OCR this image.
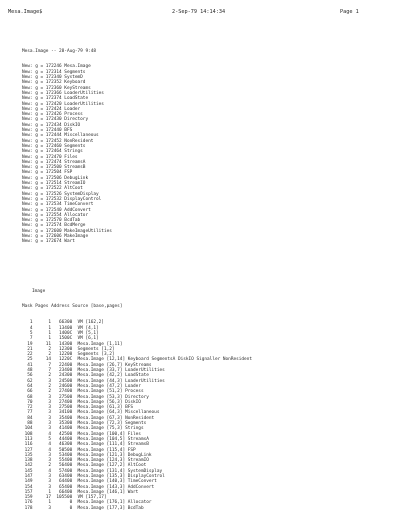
Mesa.Image$	2-Sep-79 14:14:34	Page 1

Mesa.Image -- 28-Aug-79 9:48

New: g = 172246 Mesa.Image
New: g = 172314 Segments
New: g = 172340 SystemD
New: g = 172352 Keyboard
New: g = 172360 KeyStreams
New: g = 172366 LoaderUtilities
New: g = 172374 LoadState
New: g = 172420 LoaderUtilities
New: g = 172424 Loader
New: g = 172426 Process
New: g = 172430 Directory
New: g = 172434 DiskIO
New: g = 172440 BFS
New: g = 172444 Miscellaneous
New: g = 172452 NonResident
New: g = 172460 Segments
New: g = 172464 Strings
New: g = 172470 Files
New: g = 172474 StreamsA
New: g = 172500 StreamsB
New: g = 172504 FSP
New: g = 172506 DebugLink
New: g = 172514 StreamIO
New: g = 172522 AltCoot
New: g = 172526 SystemDisplay
New: g = 172532 DisplayControl
New: g = 172534 TimeConvert
New: g = 172540 AddConvert
New: g = 172554 Allocator
New: g = 172570 BcdTab
New: g = 172574 BcdMerge
New: g = 172600 MakeImageUtilities
New: g = 172606 MakeImage
New: g = 172674 Wart

Image

Mask Pages Address Source [base,pages]

1      1   66300  VM [162,2]
4      1   13400  VM [4,1]
5      1   1400C  VM [5,1]
7      1   1500C  VM [6,1]
19     11   14300  Mesa.Image [1,11]
21      2   12300  Segments [1,2]
22      2   12200  Segments [3,2]
25     14   1220C  Mesa.Image [12,14] Keyboard SegmentsA DiskIO Signaller NonResident
41      7   22400  Mesa.Image [26,7] KeyStreams
48      7   23400  Mesa.Image [33,7] LoaderUtilities
56      2   24300  Mesa.Image [42,2] LoadState
62      3   24500  Mesa.Image [44,3] LoaderUtilities
64      2   24600  Mesa.Image [47,2] Loader
66      2   27400  Mesa.Image [51,2] Process
68      3   27500  Mesa.Image [53,3] Directory
70      3   27400  Mesa.Image [56,3] DiskIO
72      3   27500  Mesa.Image [61,3] BFS
77      3   34100  Mesa.Image [64,3] Miscellaneous
84      3   35400  Mesa.Image [67,3] NonResident
88      3   35300  Mesa.Image [72,3] Segments
104      3   41400  Mesa.Image [75,3] Strings
108      4   42500  Mesa.Image [100,4] Files
113      5   44400  Mesa.Image [104,5] StreamsA
116      4   46300  Mesa.Image [111,4] StreamsB
127      4   50500  Mesa.Image [115,4] FSP
135      3   53400  Mesa.Image [121,3] DebugLink
138      3   55400  Mesa.Image [124,3] StreamIO
142      2   56400  Mesa.Image [127,2] AltCoot
145      4   57400  Mesa.Image [131,4] SystemDisplay
147      3   63400  Mesa.Image [135,3] DisplayControl
149      3   64400  Mesa.Image [140,3] TimeConvert
154      3   65400  Mesa.Image [143,3] AddConvert
157      1   66400  Mesa.Image [146,1] Wart
159     17  105500  VM [157,17]
176      1       0  Mesa.Image [176,1] Allocator
178      3       0  Mesa.Image [177,3] BcdTab
